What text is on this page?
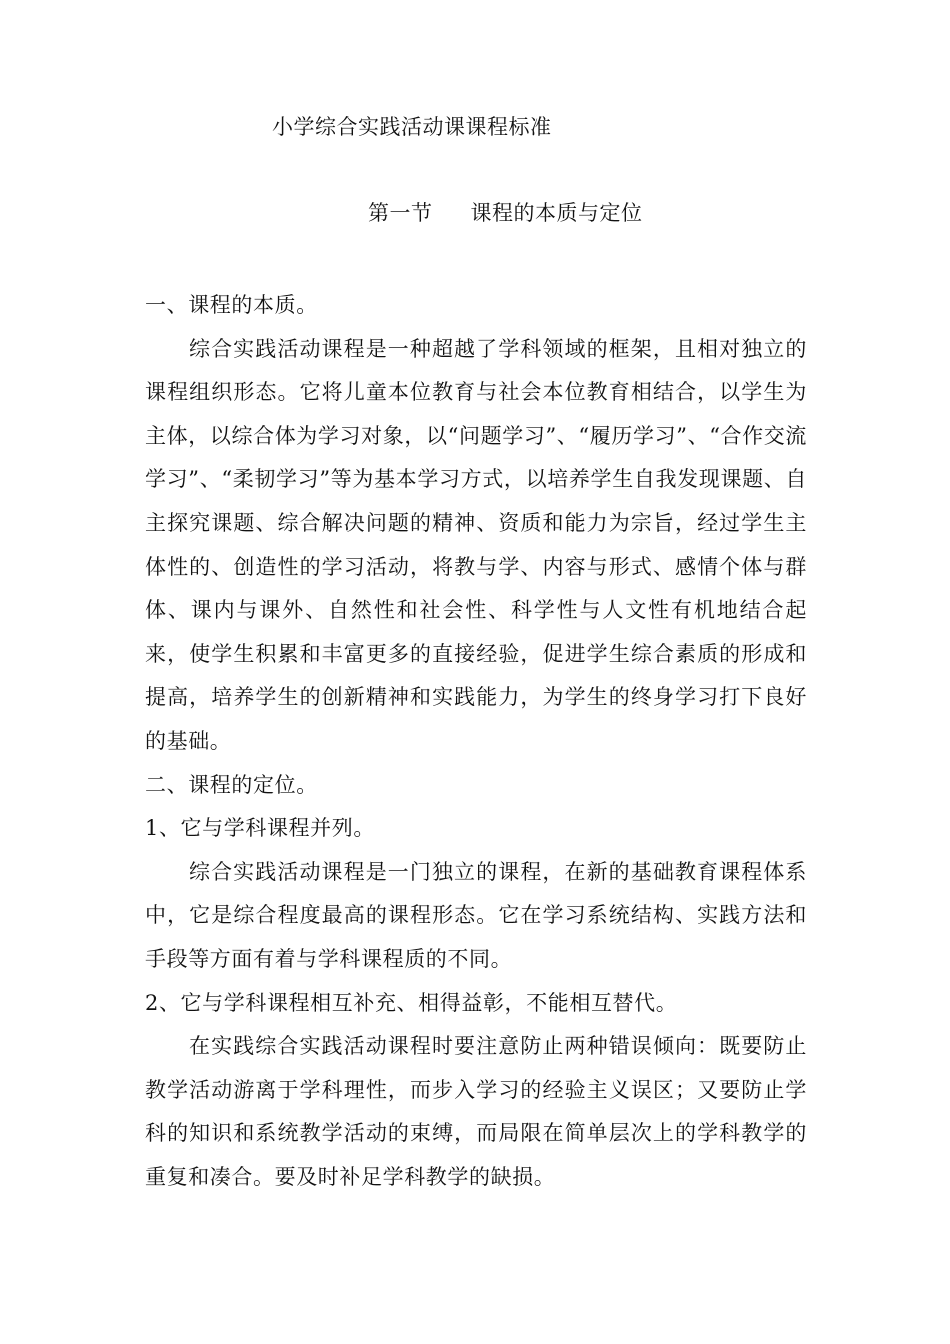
小学综合实践活动课课程标准
第一节 课程的本质与定位

一、课程的本质。

综合实践活动课程是一种超越了学科领域的框架，且相对独立的课程组织形态。它将儿童本位教育与社会本位教育相结合，以学生为主体，以综合体为学习对象，以“问题学习”、“履历学习”、“合作交流学习”、“柔韧学习”等为基本学习方式，以培养学生自我发现课题、自主探究课题、综合解决问题的精神、资质和能力为宗旨，经过学生主体性的、创造性的学习活动，将教与学、内容与形式、感情个体与群体、课内与课外、自然性和社会性、科学性与人文性有机地结合起来，使学生积累和丰富更多的直接经验，促进学生综合素质的形成和提高，培养学生的创新精神和实践能力，为学生的终身学习打下良好的基础。

二、课程的定位。

1、它与学科课程并列。

综合实践活动课程是一门独立的课程，在新的基础教育课程体系中，它是综合程度最高的课程形态。它在学习系统结构、实践方法和手段等方面有着与学科课程质的不同。

2、它与学科课程相互补充、相得益彰，不能相互替代。

在实践综合实践活动课程时要注意防止两种错误倾向：既要防止教学活动游离于学科理性，而步入学习的经验主义误区；又要防止学科的知识和系统教学活动的束缚，而局限在简单层次上的学科教学的重复和凑合。要及时补足学科教学的缺损。
